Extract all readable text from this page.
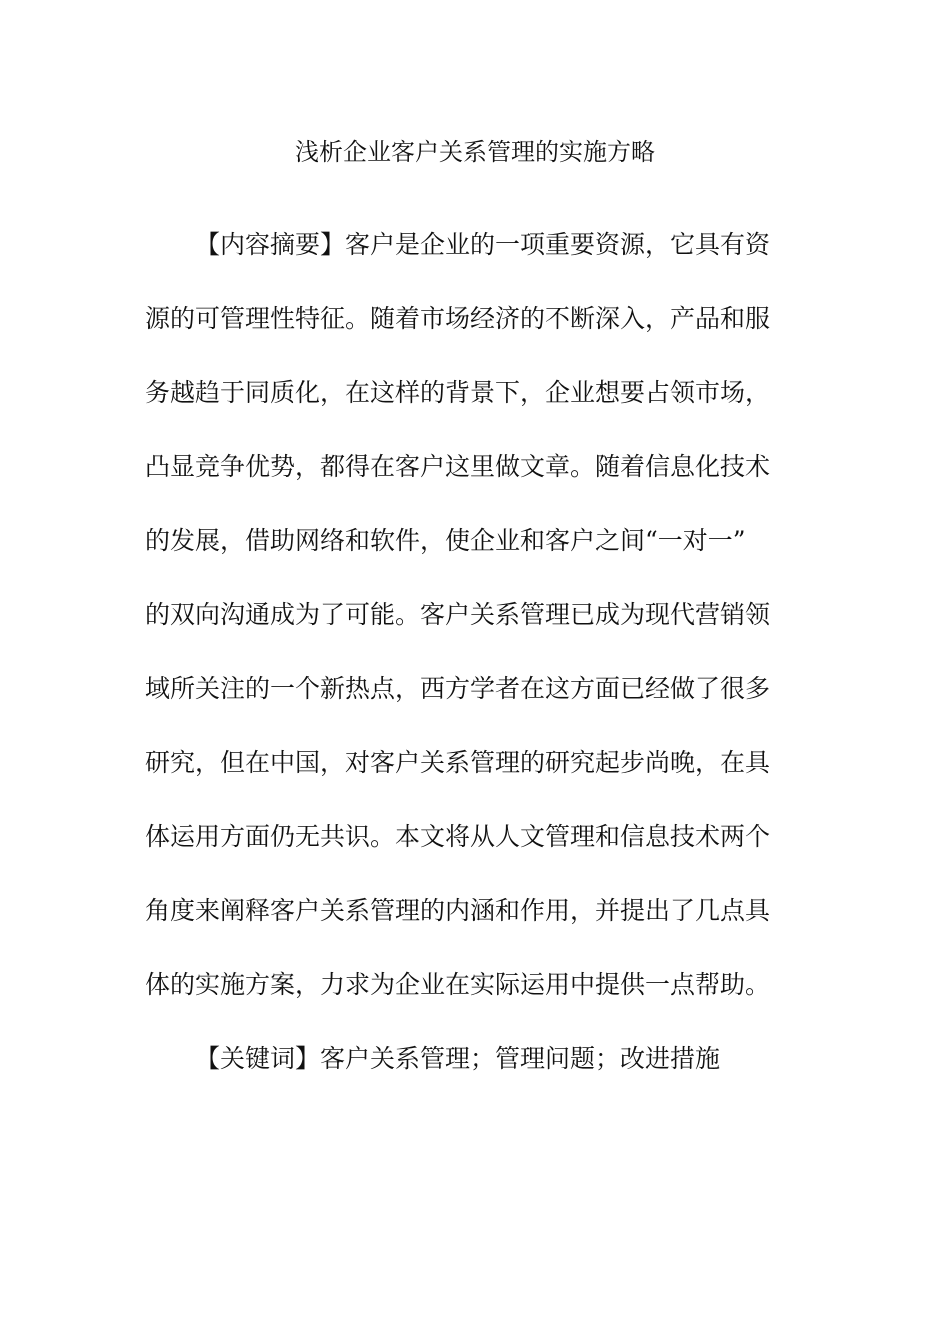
浅析企业客户关系管理的实施方略
【内容摘要】客户是企业的一项重要资源，它具有资
源的可管理性特征。随着市场经济的不断深入，产品和服
务越趋于同质化，在这样的背景下，企业想要占领市场，
凸显竞争优势，都得在客户这里做文章。随着信息化技术
的发展，借助网络和软件，使企业和客户之间“一对一”
的双向沟通成为了可能。客户关系管理已成为现代营销领
域所关注的一个新热点，西方学者在这方面已经做了很多
研究，但在中国，对客户关系管理的研究起步尚晚，在具
体运用方面仍无共识。本文将从人文管理和信息技术两个
角度来阐释客户关系管理的内涵和作用，并提出了几点具
体的实施方案，力求为企业在实际运用中提供一点帮助。
【关键词】客户关系管理；管理问题；改进措施
